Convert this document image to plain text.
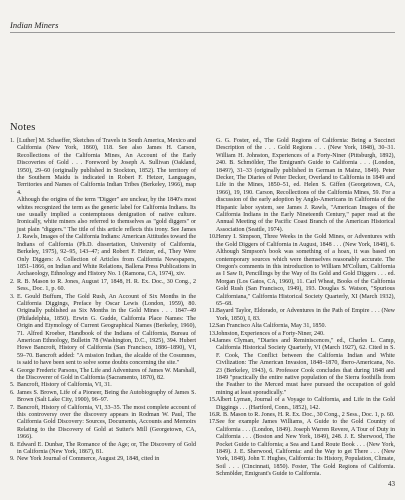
Indian Miners
Notes

1. [Luther] M. Schaeffer, Sketches of Travels in South America, Mexico and California (New York, 1860), 118. See also James H. Carson, Recollections of the California Mines, An Account of the Early Discoveries of Gold . . . Foreword by Joseph A. Sullivan (Oakland, 1950), 29–60 (originally published in Stockton, 1852). The territory of the Southern Maidu is indicated in Robert F. Heizer, Languages, Territories and Names of California Indian Tribes (Berkeley, 1966), map 4.

Although the origins of the term "Digger" are unclear, by the 1840's most whites recognized the term as the generic label for California Indians. Its use usually implied a contemptuous denigration of native culture. Ironically, white miners also referred to themselves as "gold diggers" or just plain "diggers." The title of this article reflects this irony. See James J. Rawls, Images of the California Indians: American Attitudes toward the Indians of California (Ph.D. dissertation, University of California, Berkeley, 1975), 92–95, 143–47; and Robert F. Heizer, ed., They Were Only Diggers: A Collection of Articles from California Newspapers, 1851–1866, on Indian and White Relations, Ballena Press Publications in Archaeology, Ethnology and History No. 1 (Ramona, CA, 1974), xiv.

2. R. B. Mason to R. Jones, August 17, 1848, H. R. Ex. Doc., 30 Cong., 2 Sess., Doc. 1, p. 60.

3. E. Gould Buffum, The Gold Rush, An Account of Six Months in the California Diggings, Preface by Oscar Lewis (London, 1959), 80. Originally published as Six Months in the Gold Mines . . . 1847–49 (Philadelphia, 1850). Erwin G. Gudde, California Place Names: The Origin and Etymology of Current Geographical Names (Berkeley, 1960), 71. Alfred Kroeber, Handbook of the Indians of California, Bureau of American Ethnology, Bulletin 78 (Washington, D.C., 1925), 394. Hubert Howe Bancroft, History of California (San Francisco, 1886–1890), VI, 59–70. Bancroft added: "A mission Indian, the alcalde of the Cosumnes, is said to have been sent to solve some doubts concerning the site."

4. George Frederic Parsons, The Life and Adventures of James W. Marshall, the Discoverer of Gold in California (Sacramento, 1870), 82.

5. Bancroft, History of California, VI, 31.

6. James S. Brown, Life of a Pioneer, Being the Autobiography of James S. Brown (Salt Lake City, 1900), 96–97.

7. Bancroft, History of California, VI, 33–35. The most complete account of this controversy over the discovery appears in Rodman W. Paul, The California Gold Discovery: Sources, Documents, Accounts and Memoirs Relating to the Discovery of Gold at Sutter's Mill (Georgetown, CA, 1966).

8. Edward E. Dunbar, The Romance of the Age; or, The Discovery of Gold in California (New York, 1867), 81.

9. New York Journal of Commerce, August 29, 1848, cited in

G. G. Foster, ed., The Gold Regions of California: Being a Succinct Description of the . . . Gold Regions . . . (New York, 1848), 30–31. William H. Johnston, Experiences of a Forty-Niner (Pittsburgh, 1892), 240. B. Schmölder, The Emigrant's Guide to California . . . (London, 1849?), 31–33 (originally published in German in Mainz, 1849). Peter Decker, The Diaries of Peter Decker, Overland to California in 1849 and Life in the Mines, 1850–51, ed. Helen S. Giffen (Georgetown, CA, 1966), 19, 190. Carson, Recollections of the California Mines, 59. For a discussion of the early adoption by Anglo-Americans in California of the Hispanic labor system, see James J. Rawls, "American Images of the California Indians in the Early Nineteenth Century," paper read at the Annual Meeting of the Pacific Coast Branch of the American Historical Association (Seattle, 1974).

10. Henry I. Simpson, Three Weeks in the Gold Mines, or Adventures with the Gold Diggers of California in August, 1848 . . . (New York, 1848), 6. Although Simpson's book was something of a hoax, it was based on contemporary sources which were themselves reasonably accurate. The Oregon's comments in this introduction to William M'Collum, California as I Saw It, Pencillings by the Way of Its Gold and Gold Diggers . . . ed. Morgan (Los Gatos, CA, 1960), 11. Carl Wheat, Books of the California Gold Rush (San Francisco, 1949), 193. Douglas S. Watson, "Spurious Californiana," California Historical Society Quarterly, XI (March 1932), 65–68.

11. Bayard Taylor, Eldorado, or Adventures in the Path of Empire . . . (New York, 1850), I, 83.

12. San Francisco Alta California, May 31, 1850.

13. Johnston, Experiences of a Forty-Niner, 240.

14. James Clyman, "Diaries and Reminiscences," ed., Charles L. Camp, California Historical Society Quarterly, VI (March 1927), 62. Cited in S. F. Cook, The Conflict between the California Indian and White Civilization: The American Invasion, 1848–1870, Ibero-Americana, No. 23 (Berkeley, 1943), 6. Professor Cook concludes that during 1848 and 1849 "practically the entire native population of the Sierra foothills from the Feather to the Merced must have pursued the occupation of gold mining at least sporadically."

15. Albert Lyman, Journal of a Voyage to California, and Life in the Gold Diggings . . . (Hartford, Conn., 1852), 142.

16. R. B. Mason to R. Jones, H. R. Ex. Doc., 30 Cong., 2 Sess., Doc. 1, p. 60.

17. See for example James Williams, A Guide to the Gold Country of California . . . (London, 1849). Joseph Warren Revere, A Tour of Duty in California . . . (Boston and New York, 1849), 248. J. E. Sherwood, The Pocket Guide to California; a Sea and Land Route Book . . . (New York, 1849). J. E. Sherwood, California: and the Way to get There . . . (New York, 1848). John T. Hughes, California: Its History, Population, Climate, Soil . . . (Cincinnati, 1850). Foster, The Gold Regions of California. Schmölder, Emigrant's Guide to California.

43
